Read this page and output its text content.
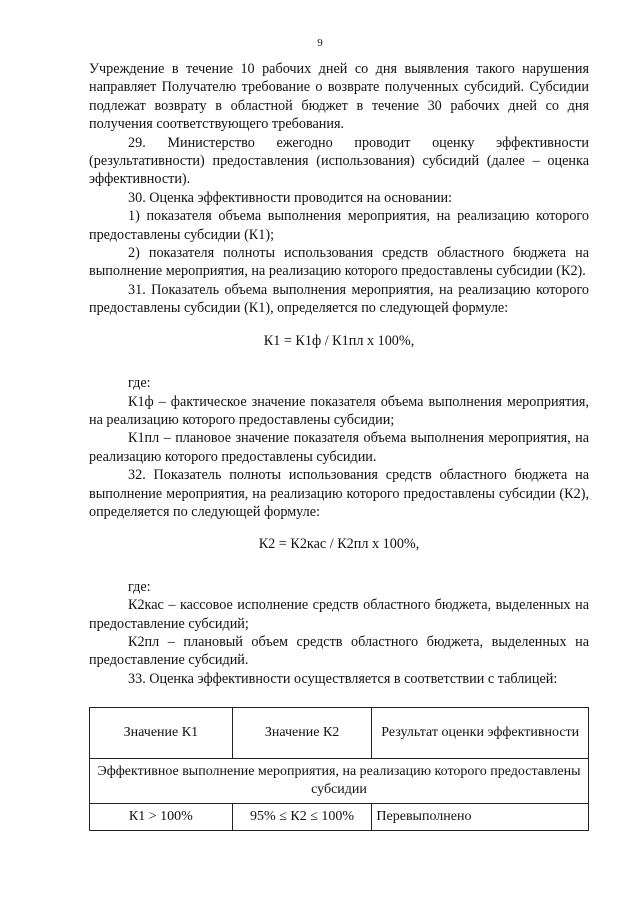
9

Учреждение в течение 10 рабочих дней со дня выявления такого нарушения направляет Получателю требование о возврате полученных субсидий. Субсидии подлежат возврату в областной бюджет в течение 30 рабочих дней со дня получения соответствующего требования.

29. Министерство ежегодно проводит оценку эффективности (результативности) предоставления (использования) субсидий (далее – оценка эффективности).

30. Оценка эффективности проводится на основании:

1) показателя объема выполнения мероприятия, на реализацию которого предоставлены субсидии (К1);

2) показателя полноты использования средств областного бюджета на выполнение мероприятия, на реализацию которого предоставлены субсидии (К2).

31. Показатель объема выполнения мероприятия, на реализацию которого предоставлены субсидии (К1), определяется по следующей формуле:

К1 = К1ф / К1пл х 100%,

где:

К1ф – фактическое значение показателя объема выполнения мероприятия, на реализацию которого предоставлены субсидии;

К1пл – плановое значение показателя объема выполнения мероприятия, на реализацию которого предоставлены субсидии.

32. Показатель полноты использования средств областного бюджета на выполнение мероприятия, на реализацию которого предоставлены субсидии (К2), определяется по следующей формуле:

К2 = К2кас / К2пл х 100%,

где:

К2кас – кассовое исполнение средств областного бюджета, выделенных на предоставление субсидий;

К2пл – плановый объем средств областного бюджета, выделенных на предоставление субсидий.

33. Оценка эффективности осуществляется в соответствии с таблицей:

Значение К1	Значение К2	Результат оценки эффективности
Эффективное выполнение мероприятия, на реализацию которого предоставлены субсидии		
К1 > 100%	95% ≤ К2 ≤ 100%	Перевыполнено
